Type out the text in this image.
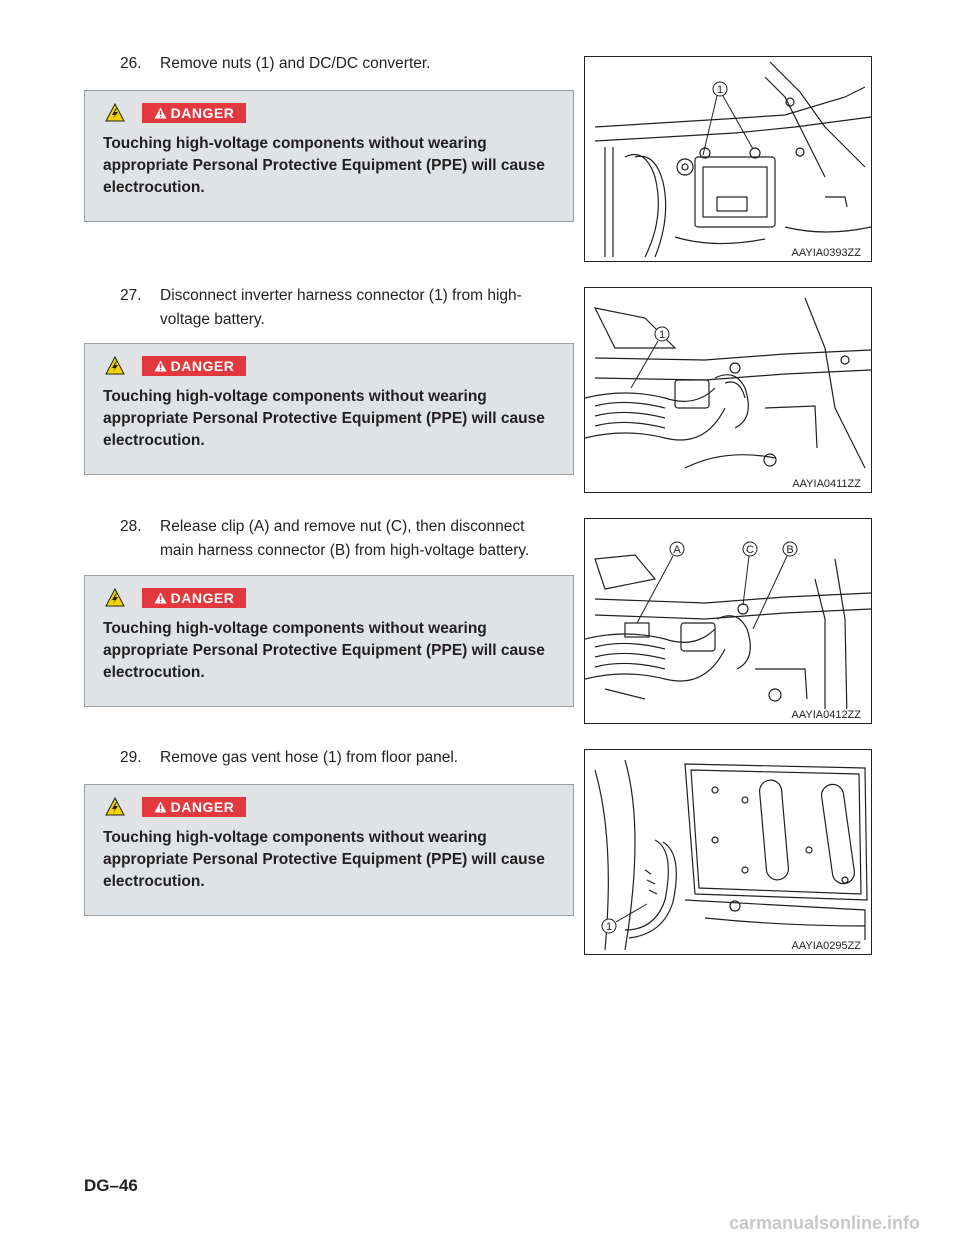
26.	Remove nuts (1) and DC/DC converter.
DANGER
Touching high-voltage components without wearing appropriate Personal Protective Equipment (PPE) will cause electrocution.
1
AAYIA0393ZZ
27.	Disconnect inverter harness connector (1) from high-voltage battery.
DANGER
Touching high-voltage components without wearing appropriate Personal Protective Equipment (PPE) will cause electrocution.
1
AAYIA0411ZZ
28.	Release clip (A) and remove nut (C), then disconnect main harness connector (B) from high-voltage battery.
DANGER
Touching high-voltage components without wearing appropriate Personal Protective Equipment (PPE) will cause electrocution.
A	C	B
AAYIA0412ZZ
29.	Remove gas vent hose (1) from floor panel.
DANGER
Touching high-voltage components without wearing appropriate Personal Protective Equipment (PPE) will cause electrocution.
1
AAYIA0295ZZ
DG–46
carmanualsonline.info
